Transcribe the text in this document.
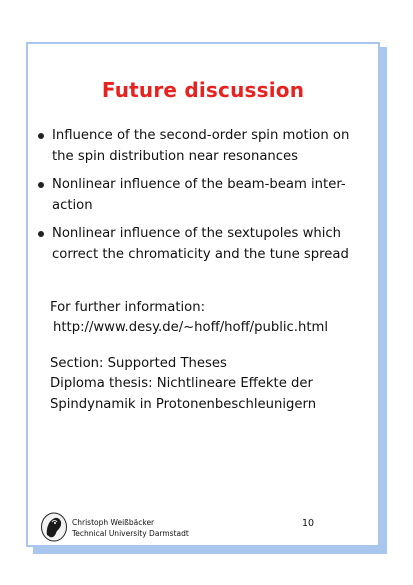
Future discussion
Influence of the second-order spin motion on
the spin distribution near resonances
Nonlinear influence of the beam-beam inter-
action
Nonlinear influence of the sextupoles which
correct the chromaticity and the tune spread
For further information:
http://www.desy.de/~hoff/hoff/public.html
Section: Supported Theses
Diploma thesis: Nichtlineare Effekte der
Spindynamik in Protonenbeschleunigern
Christoph Weißbäcker
Technical University Darmstadt
10
